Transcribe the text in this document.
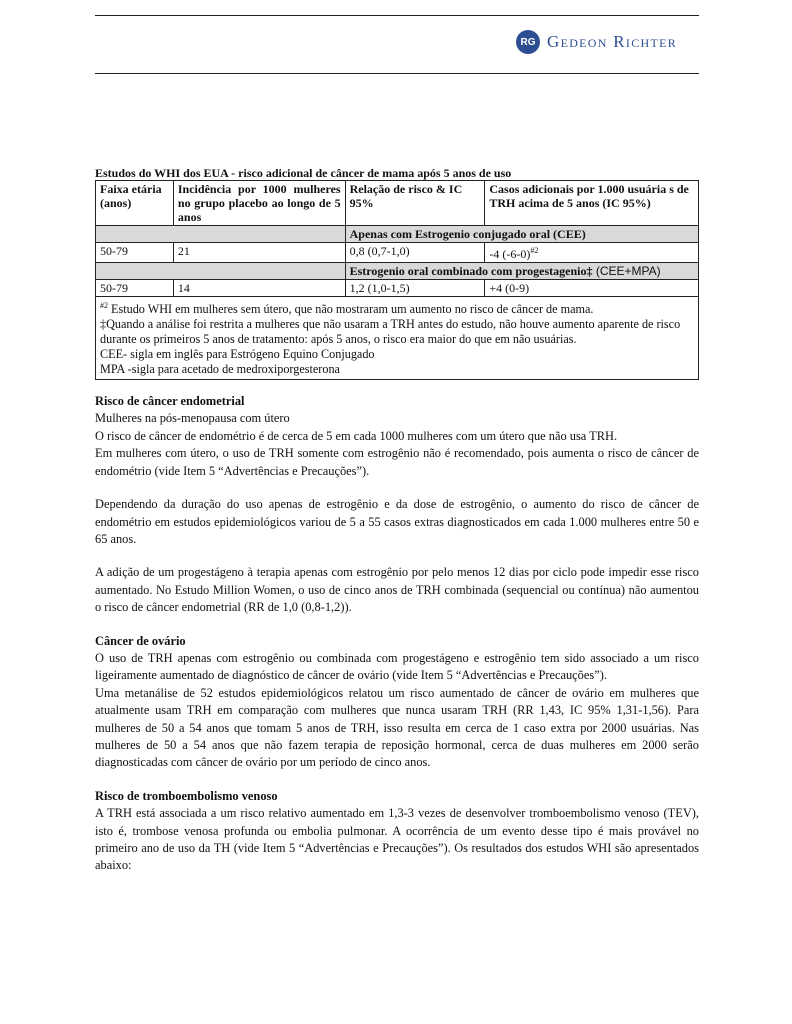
RG Gedeon Richter
Estudos do WHI dos EUA - risco adicional de câncer de mama após 5 anos de uso
Faixa etária (anos)	Incidência por 1000 mulheres no grupo placebo ao longo de 5 anos	Relação de risco & IC 95%	Casos adicionais por 1.000 usuária s de TRH acima de 5 anos (IC 95%)
		Apenas com Estrogenio conjugado oral (CEE)	
50-79	21	0,8 (0,7-1,0)	-4 $(-6-0)^{\#2}$
		Estrogenio oral combinado com progestagenio‡ (CEE+MPA)	
50-79	14	1,2 (1,0-1,5)	+4 (0-9)

$^{\#2}$ Estudo WHI em mulheres sem útero, que não mostraram um aumento no risco de câncer de mama.
‡Quando a análise foi restrita a mulheres que não usaram a TRH antes do estudo, não houve aumento aparente de risco durante os primeiros 5 anos de tratamento: após 5 anos, o risco era maior do que em não usuárias.
CEE- sigla em inglês para Estrógeno Equino Conjugado
MPA -sigla para acetado de medroxiporgesterona			
Risco de câncer endometrial

Mulheres na pós-menopausa com útero

O risco de câncer de endométrio é de cerca de 5 em cada 1000 mulheres com um útero que não usa TRH.

Em mulheres com útero, o uso de TRH somente com estrogênio não é recomendado, pois aumenta o risco de câncer de endométrio (vide Item 5 “Advertências e Precauções”).

Dependendo da duração do uso apenas de estrogênio e da dose de estrogênio, o aumento do risco de câncer de endométrio em estudos epidemiológicos variou de 5 a 55 casos extras diagnosticados em cada 1.000 mulheres entre 50 e 65 anos.

A adição de um progestágeno à terapia apenas com estrogênio por pelo menos 12 dias por ciclo pode impedir esse risco aumentado. No Estudo Million Women, o uso de cinco anos de TRH combinada (sequencial ou contínua) não aumentou o risco de câncer endometrial (RR de 1,0 (0,8-1,2)).

Câncer de ovário

O uso de TRH apenas com estrogênio ou combinada com progestágeno e estrogênio tem sido associado a um risco ligeiramente aumentado de diagnóstico de câncer de ovário (vide Item 5 “Advertências e Precauções”).

Uma metanálise de 52 estudos epidemiológicos relatou um risco aumentado de câncer de ovário em mulheres que atualmente usam TRH em comparação com mulheres que nunca usaram TRH (RR 1,43, IC 95% 1,31-1,56). Para mulheres de 50 a 54 anos que tomam 5 anos de TRH, isso resulta em cerca de 1 caso extra por 2000 usuárias. Nas mulheres de 50 a 54 anos que não fazem terapia de reposição hormonal, cerca de duas mulheres em 2000 serão diagnosticadas com câncer de ovário por um período de cinco anos.

Risco de tromboembolismo venoso

A TRH está associada a um risco relativo aumentado em 1,3-3 vezes de desenvolver tromboembolismo venoso (TEV), isto é, trombose venosa profunda ou embolia pulmonar. A ocorrência de um evento desse tipo é mais provável no primeiro ano de uso da TH (vide Item 5 “Advertências e Precauções”). Os resultados dos estudos WHI são apresentados abaixo:
